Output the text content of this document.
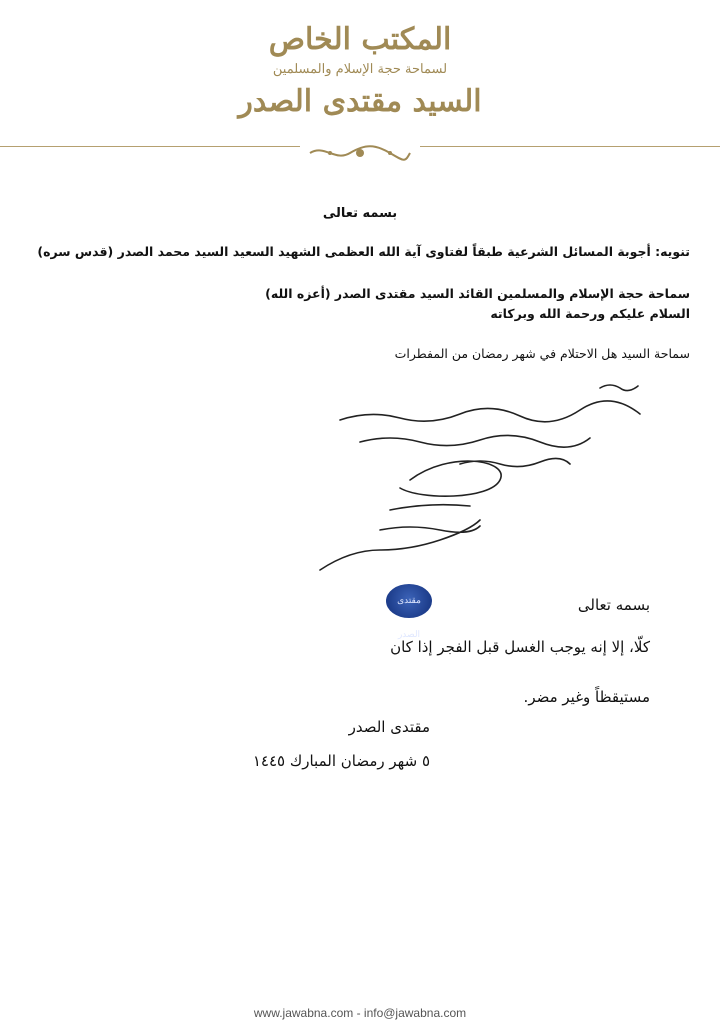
المكتب الخاص
لسماحة حجة الإسلام والمسلمين
السيد مقتدى الصدر
بسمه تعالى
تنويه: أجوبة المسائل الشرعية طبقاً لفتاوى آية الله العظمى الشهيد السعيد السيد محمد الصدر (قدس سره)
سماحة حجة الإسلام والمسلمين القائد السيد مقتدى الصدر (أعزه الله)
السلام عليكم ورحمة الله وبركاته
سماحة السيد هل الاحتلام في شهر رمضان من المفطرات
مقتدى الصدر
بسمه تعالى
كلّا، إلا إنه يوجب الغسل قبل الفجر إذا كان
مستيقظاً وغير مضر.
مقتدى الصدر
٥ شهر رمضان المبارك ١٤٤٥
www.jawabna.com - info@jawabna.com
